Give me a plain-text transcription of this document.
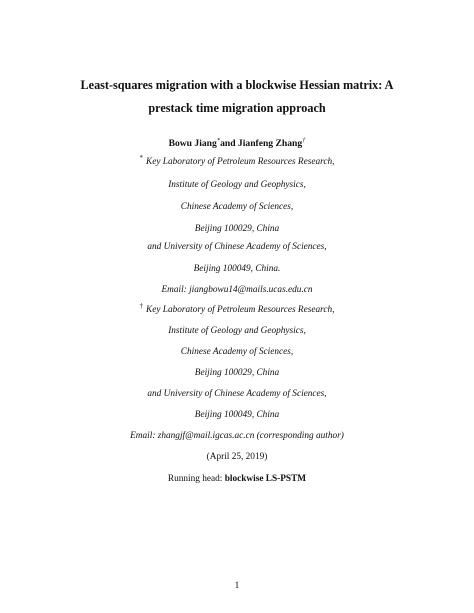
Least-squares migration with a blockwise Hessian matrix: A
prestack time migration approach
Bowu Jiang*and Jianfeng Zhang†
* Key Laboratory of Petroleum Resources Research,
Institute of Geology and Geophysics,
Chinese Academy of Sciences,
Beijing 100029, China
and University of Chinese Academy of Sciences,
Beijing 100049, China.
Email: jiangbowu14@mails.ucas.edu.cn
† Key Laboratory of Petroleum Resources Research,
Institute of Geology and Geophysics,
Chinese Academy of Sciences,
Beijing 100029, China
and University of Chinese Academy of Sciences,
Beijing 100049, China
Email: zhangjf@mail.igcas.ac.cn (corresponding author)
(April 25, 2019)
Running head: blockwise LS-PSTM
1
